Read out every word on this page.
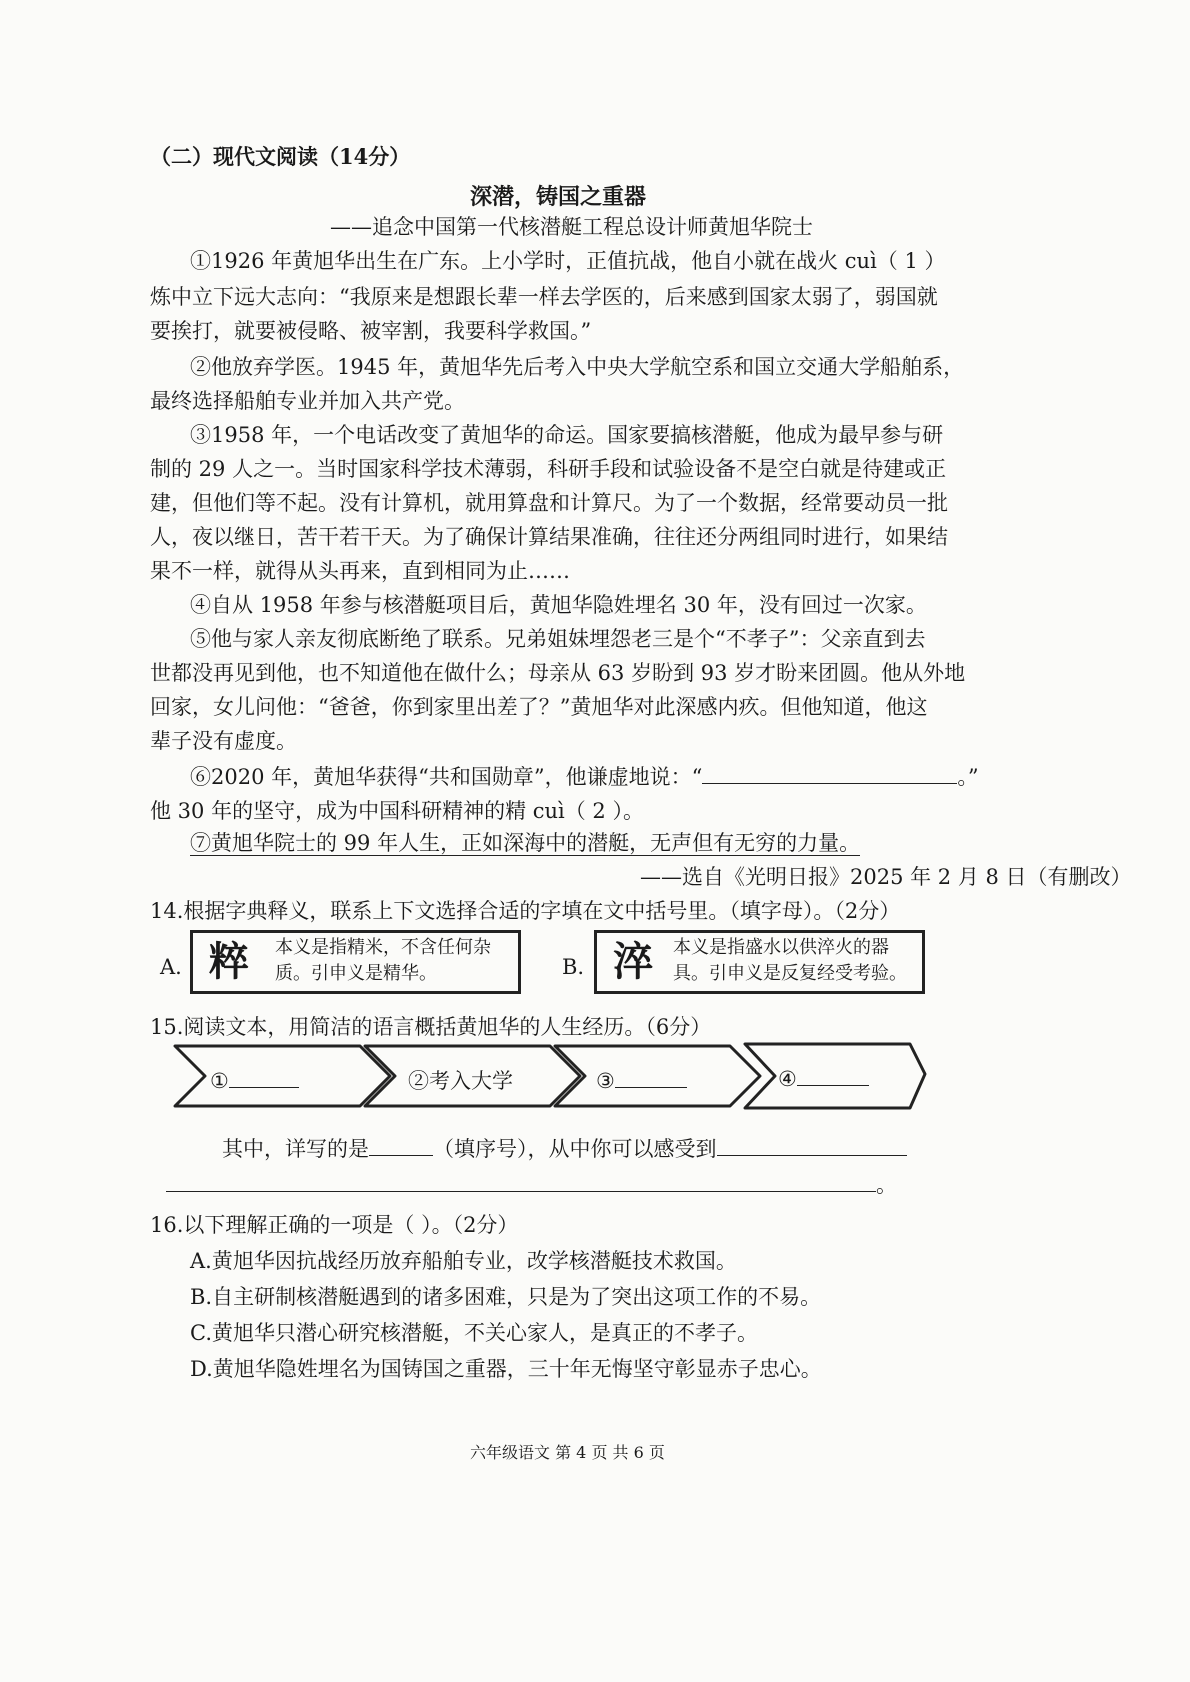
（二）现代文阅读（14分）
深潜，铸国之重器
——追念中国第一代核潜艇工程总设计师黄旭华院士
①1926 年黄旭华出生在广东。上小学时，正值抗战，他自小就在战火 cuì（ 1 ）
炼中立下远大志向：“我原来是想跟长辈一样去学医的，后来感到国家太弱了，弱国就
要挨打，就要被侵略、被宰割，我要科学救国。”
②他放弃学医。1945 年，黄旭华先后考入中央大学航空系和国立交通大学船舶系，
最终选择船舶专业并加入共产党。
③1958 年，一个电话改变了黄旭华的命运。国家要搞核潜艇，他成为最早参与研
制的 29 人之一。当时国家科学技术薄弱，科研手段和试验设备不是空白就是待建或正
建，但他们等不起。没有计算机，就用算盘和计算尺。为了一个数据，经常要动员一批
人，夜以继日，苦干若干天。为了确保计算结果准确，往往还分两组同时进行，如果结
果不一样，就得从头再来，直到相同为止……
④自从 1958 年参与核潜艇项目后，黄旭华隐姓埋名 30 年，没有回过一次家。
⑤他与家人亲友彻底断绝了联系。兄弟姐妹埋怨老三是个“不孝子”：父亲直到去
世都没再见到他，也不知道他在做什么；母亲从 63 岁盼到 93 岁才盼来团圆。他从外地
回家，女儿问他：“爸爸，你到家里出差了？”黄旭华对此深感内疚。但他知道，他这
辈子没有虚度。
⑥2020 年，黄旭华获得“共和国勋章”，他谦虚地说：“	。”
他 30 年的坚守，成为中国科研精神的精 cuì（ 2 ）。
⑦黄旭华院士的 99 年人生，正如深海中的潜艇，无声但有无穷的力量。
——选自《光明日报》2025 年 2 月 8 日（有删改）
14.根据字典释义，联系上下文选择合适的字填在文中括号里。（填字母）。（2分）
A. 粹 本义是指精米，不含任何杂
质。引申义是精华。	B. 淬 本义是指盛水以供淬火的器
具。引申义是反复经受考验。
15.阅读文本，用简洁的语言概括黄旭华的人生经历。（6分）
①	②考入大学	③	④
其中，详写的是	（填序号），从中你可以感受到
。
16.以下理解正确的一项是（ ）。（2分）
A.黄旭华因抗战经历放弃船舶专业，改学核潜艇技术救国。
B.自主研制核潜艇遇到的诸多困难，只是为了突出这项工作的不易。
C.黄旭华只潜心研究核潜艇，不关心家人，是真正的不孝子。
D.黄旭华隐姓埋名为国铸国之重器，三十年无悔坚守彰显赤子忠心。
六年级语文 第 4 页 共 6 页
